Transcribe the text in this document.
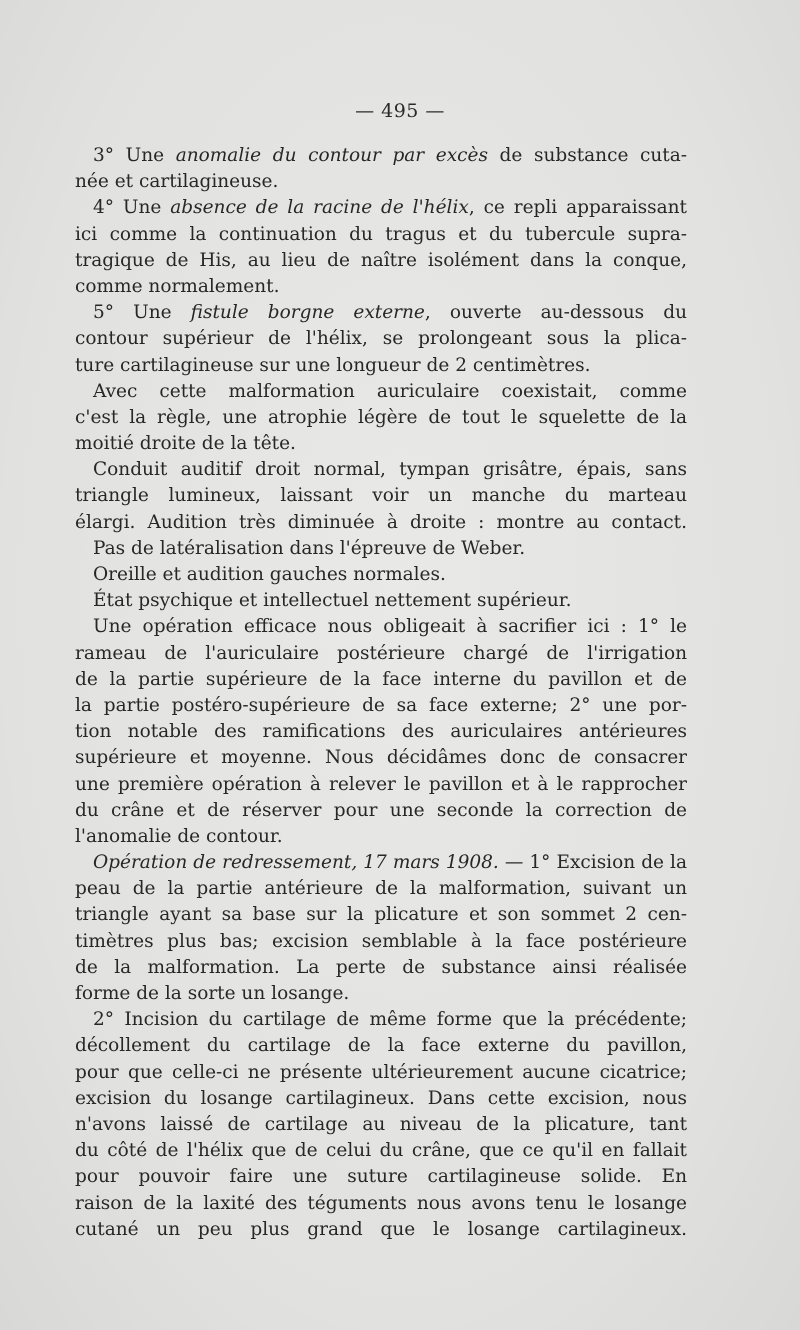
— 495 —
3° Une anomalie du contour par excès de substance cuta-
née et cartilagineuse.
4° Une absence de la racine de l'hélix, ce repli apparaissant
ici comme la continuation du tragus et du tubercule supra-
tragique de His, au lieu de naître isolément dans la conque,
comme normalement.
5° Une fistule borgne externe, ouverte au-dessous du
contour supérieur de l'hélix, se prolongeant sous la plica-
ture cartilagineuse sur une longueur de 2 centimètres.
Avec cette malformation auriculaire coexistait, comme
c'est la règle, une atrophie légère de tout le squelette de la
moitié droite de la tête.
Conduit auditif droit normal, tympan grisâtre, épais, sans
triangle lumineux, laissant voir un manche du marteau
élargi. Audition très diminuée à droite : montre au contact.
Pas de latéralisation dans l'épreuve de Weber.
Oreille et audition gauches normales.
État psychique et intellectuel nettement supérieur.
Une opération efficace nous obligeait à sacrifier ici : 1° le
rameau de l'auriculaire postérieure chargé de l'irrigation
de la partie supérieure de la face interne du pavillon et de
la partie postéro-supérieure de sa face externe; 2° une por-
tion notable des ramifications des auriculaires antérieures
supérieure et moyenne. Nous décidâmes donc de consacrer
une première opération à relever le pavillon et à le rapprocher
du crâne et de réserver pour une seconde la correction de
l'anomalie de contour.
Opération de redressement, 17 mars 1908. — 1° Excision de la
peau de la partie antérieure de la malformation, suivant un
triangle ayant sa base sur la plicature et son sommet 2 cen-
timètres plus bas; excision semblable à la face postérieure
de la malformation. La perte de substance ainsi réalisée
forme de la sorte un losange.
2° Incision du cartilage de même forme que la précédente;
décollement du cartilage de la face externe du pavillon,
pour que celle-ci ne présente ultérieurement aucune cicatrice;
excision du losange cartilagineux. Dans cette excision, nous
n'avons laissé de cartilage au niveau de la plicature, tant
du côté de l'hélix que de celui du crâne, que ce qu'il en fallait
pour pouvoir faire une suture cartilagineuse solide. En
raison de la laxité des téguments nous avons tenu le losange
cutané un peu plus grand que le losange cartilagineux.
